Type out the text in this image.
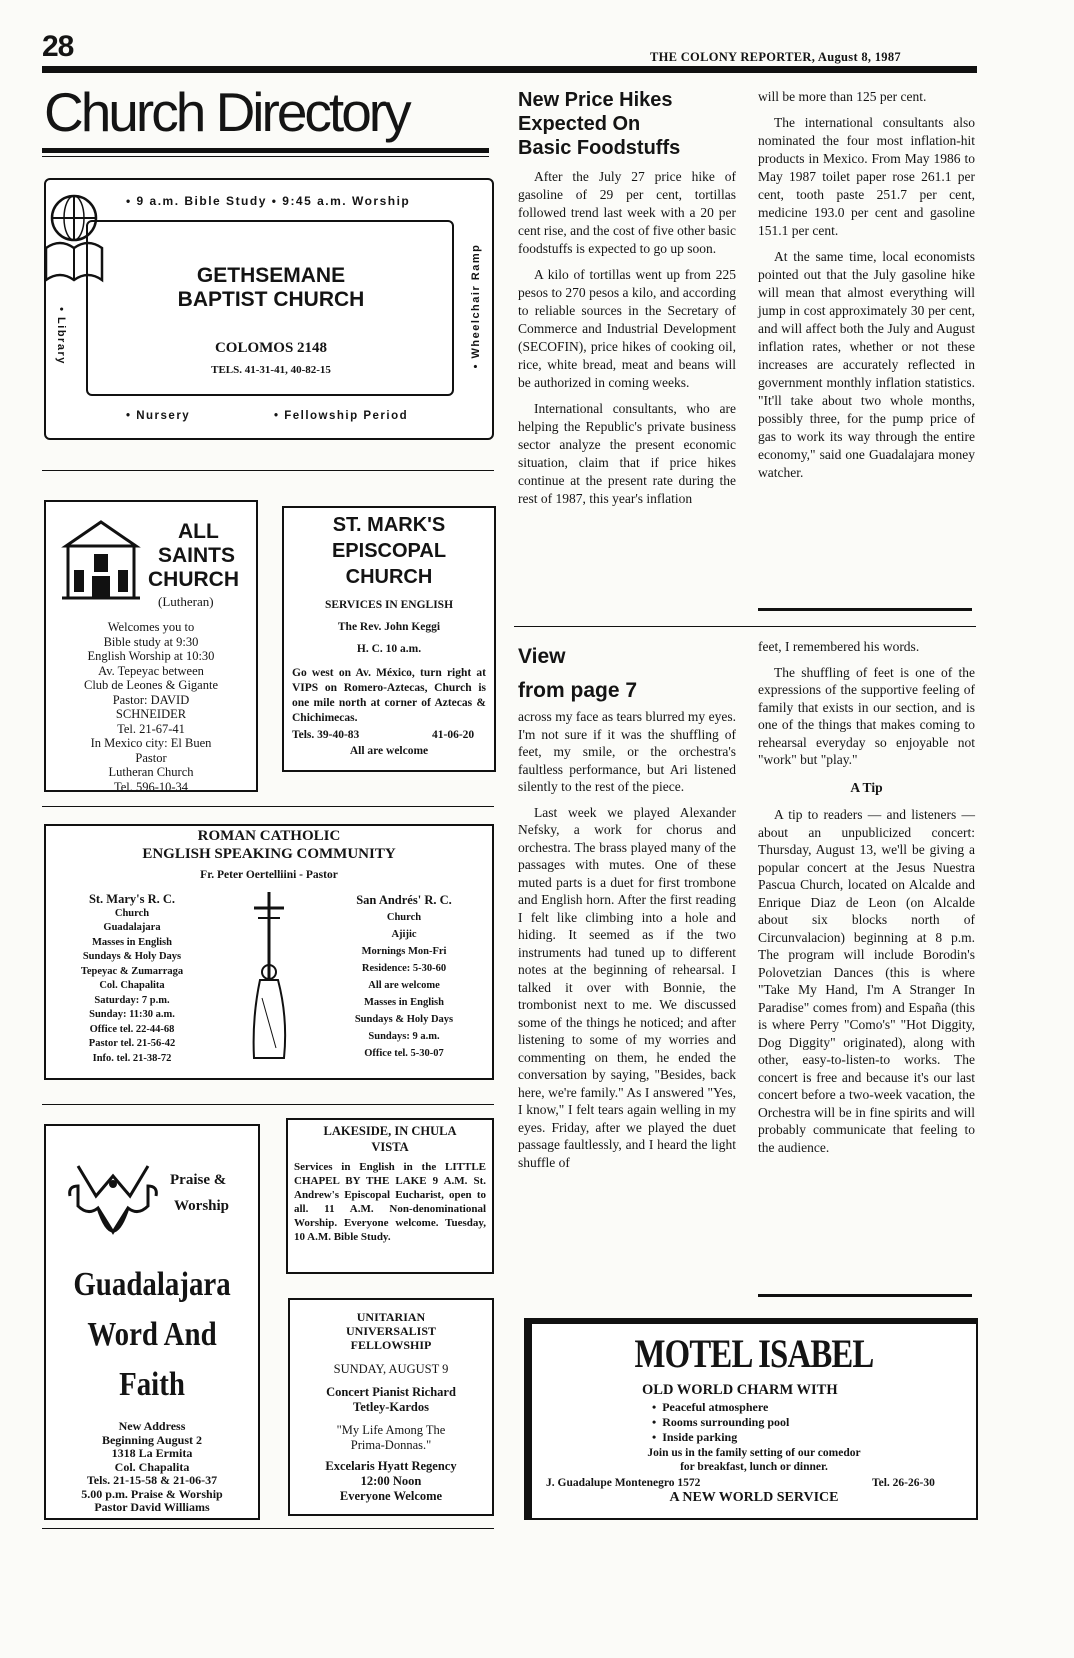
28	THE COLONY REPORTER, August 8, 1987
Church Directory
• 9 a.m. Bible Study • 9:45 a.m. Worship
• Library	• Wheelchair Ramp
GETHSEMANE
BAPTIST CHURCH
COLOMOS 2148
TELS. 41-31-41, 40-82-15
• Nursery	• Fellowship Period
ALL
SAINTS
CHURCH
(Lutheran)

Welcomes you to

Bible study at 9:30

English Worship at 10:30

Av. Tepeyac between

Club de Leones & Gigante

Pastor: DAVID

SCHNEIDER

Tel. 21-67-41

In Mexico city: El Buen

Pastor

Lutheran Church

Tel. 596-10-34

ST. MARK'S
EPISCOPAL
CHURCH
SERVICES IN ENGLISH
The Rev. John Keggi
H. C. 10 a.m.
Go west on Av. México, turn right at VIPS on Romero-Aztecas, Church is one mile north at corner of Aztecas & Chichimecas.
Tels. 39-40-83	41-06-20
All are welcome
ROMAN CATHOLIC
ENGLISH SPEAKING COMMUNITY
Fr. Peter Oertelliini - Pastor
St. Mary's R. C.
Church
Guadalajara
Masses in English
Sundays & Holy Days
Tepeyac & Zumarraga
Col. Chapalita
Saturday: 7 p.m.
Sunday: 11:30 a.m.
Office tel. 22-44-68
Pastor tel. 21-56-42
Info. tel. 21-38-72
San Andrés' R. C.
Church
Ajijic
Mornings Mon-Fri
Residence: 5-30-60
All are welcome
Masses in English
Sundays & Holy Days
Sundays: 9 a.m.
Office tel. 5-30-07
Praise &
Worship
Guadalajara
Word And
Faith
New Address
Beginning August 2
1318 La Ermita
Col. Chapalita
Tels. 21-15-58 & 21-06-37
5.00 p.m. Praise & Worship
Pastor David Williams
LAKESIDE, IN CHULA
VISTA
Services in English in the LITTLE CHAPEL BY THE LAKE 9 A.M. St. Andrew's Episcopal Eucharist, open to all. 11 A.M. Non-denominational Worship. Everyone welcome. Tuesday, 10 A.M. Bible Study.
UNITARIAN
UNIVERSALIST
FELLOWSHIP
SUNDAY, AUGUST 9
Concert Pianist Richard
Tetley-Kardos
"My Life Among The
Prima-Donnas."
Excelaris Hyatt Regency
12:00 Noon
Everyone Welcome
New Price Hikes
Expected On
Basic Foodstuffs

After the July 27 price hike of gasoline of 29 per cent, tortillas followed trend last week with a 20 per cent rise, and the cost of five other basic foodstuffs is expected to go up soon.

A kilo of tortillas went up from 225 pesos to 270 pesos a kilo, and according to reliable sources in the Secretary of Commerce and Industrial Development (SECOFIN), price hikes of cooking oil, rice, white bread, meat and beans will be authorized in coming weeks.

International consultants, who are helping the Republic's private business sector analyze the present economic situation, claim that if price hikes continue at the present rate during the rest of 1987, this year's inflation

will be more than 125 per cent.

The international consultants also nominated the four most inflation-hit products in Mexico. From May 1986 to May 1987 toilet paper rose 261.1 per cent, tooth paste 251.7 per cent, medicine 193.0 per cent and gasoline 151.1 per cent.

At the same time, local economists pointed out that the July gasoline hike will mean that almost everything will jump in cost approximately 30 per cent, and will affect both the July and August inflation rates, whether or not these increases are accurately reflected in government monthly inflation statistics. "It'll take about two whole months, possibly three, for the pump price of gas to work its way through the entire economy," said one Guadalajara money watcher.

View
from page 7

across my face as tears blurred my eyes. I'm not sure if it was the shuffling of feet, my smile, or the orchestra's faultless performance, but Ari listened silently to the rest of the piece.

Last week we played Alexander Nefsky, a work for chorus and orchestra. The brass played many of the passages with mutes. One of these muted parts is a duet for first trombone and English horn. After the first reading I felt like climbing into a hole and hiding. It seemed as if the two instruments had tuned up to different notes at the beginning of rehearsal. I talked it over with Bonnie, the trombonist next to me. We discussed some of the things he noticed; and after listening to some of my worries and commenting on them, he ended the conversation by saying, "Besides, back here, we're family." As I answered "Yes, I know," I felt tears again welling in my eyes. Friday, after we played the duet passage faultlessly, and I heard the light shuffle of

feet, I remembered his words.

The shuffling of feet is one of the expressions of the supportive feeling of family that exists in our section, and is one of the things that makes coming to rehearsal everyday so enjoyable not "work" but "play."

A Tip

A tip to readers — and listeners — about an unpublicized concert: Thursday, August 13, we'll be giving a popular concert at the Jesus Nuestra Pascua Church, located on Alcalde and Enrique Diaz de Leon (on Alcalde about six blocks north of Circunvalacion) beginning at 8 p.m. The program will include Borodin's Polovetzian Dances (this is where "Take My Hand, I'm A Stranger In Paradise" comes from) and España (this is where Perry "Como's" "Hot Diggity, Dog Diggity" originated), along with other, easy-to-listen-to works. The concert is free and because it's our last concert before a two-week vacation, the Orchestra will be in fine spirits and will probably communicate that feeling to the audience.

MOTEL ISABEL
OLD WORLD CHARM WITH
•  Peaceful atmosphere
•  Rooms surrounding pool
•  Inside parking
Join us in the family setting of our comedor
for breakfast, lunch or dinner.
J. Guadalupe Montenegro 1572	Tel. 26-26-30
A NEW WORLD SERVICE
